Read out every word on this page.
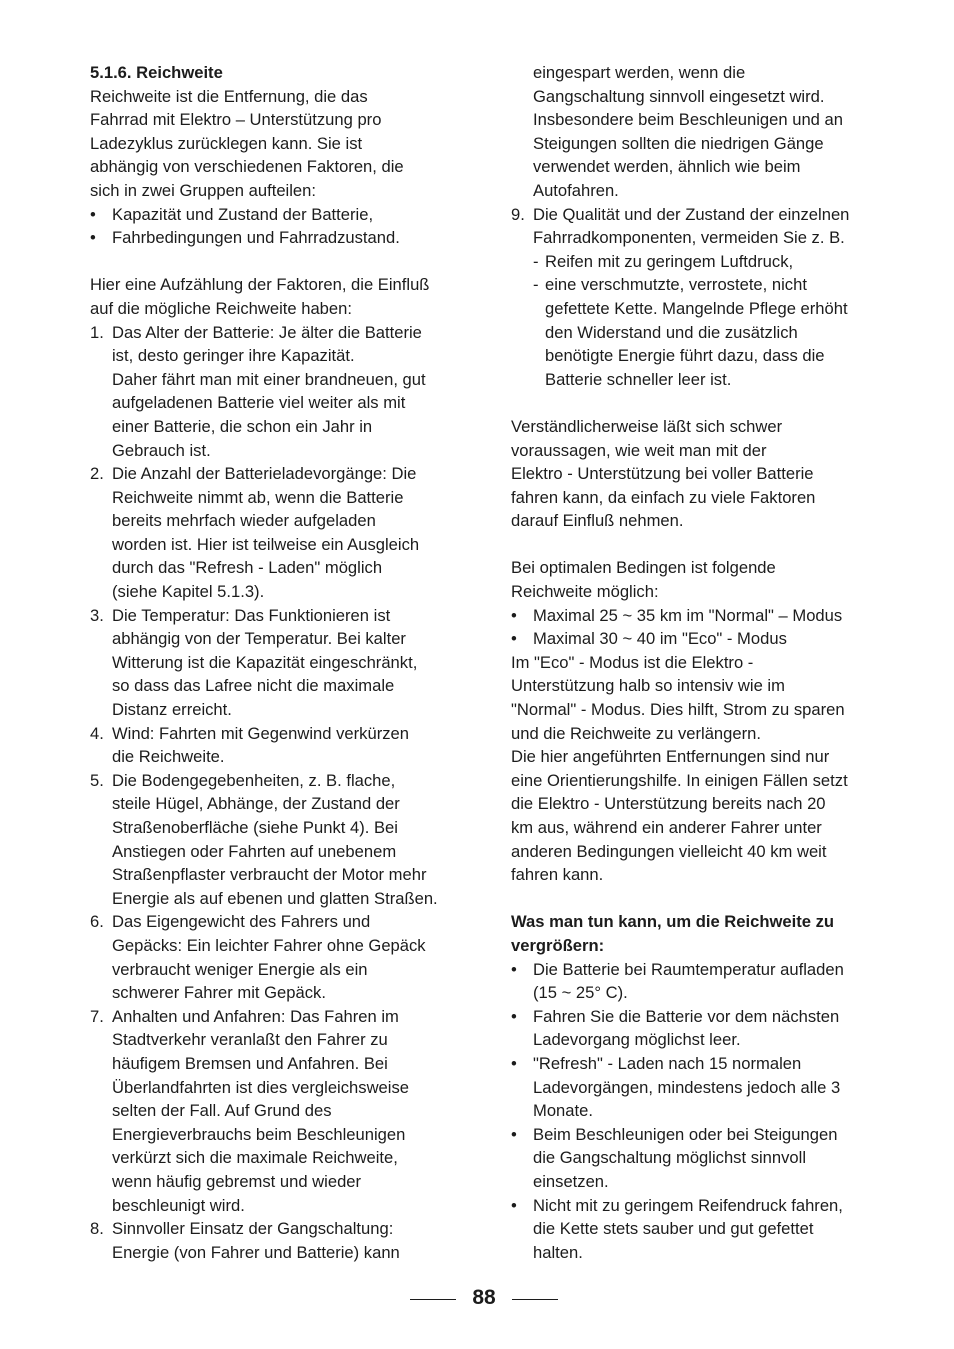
5.1.6. Reichweite

Reichweite ist die Entfernung, die das
Fahrrad mit Elektro – Unterstützung pro
Ladezyklus zurücklegen kann. Sie ist
abhängig von verschiedenen Faktoren, die
sich in zwei Gruppen aufteilen:
• Kapazität und Zustand der Batterie,
• Fahrbedingungen und Fahrradzustand.
Hier eine Aufzählung der Faktoren, die Einfluß
auf die mögliche Reichweite haben:
1. Das Alter der Batterie: Je älter die Batterie
ist, desto geringer ihre Kapazität.
Daher fährt man mit einer brandneuen, gut
aufgeladenen Batterie viel weiter als mit
einer Batterie, die schon ein Jahr in
Gebrauch ist.
2. Die Anzahl der Batterieladevorgänge: Die
Reichweite nimmt ab, wenn die Batterie
bereits mehrfach wieder aufgeladen
worden ist. Hier ist teilweise ein Ausgleich
durch das "Refresh - Laden" möglich
(siehe Kapitel 5.1.3).
3. Die Temperatur: Das Funktionieren ist
abhängig von der Temperatur. Bei kalter
Witterung ist die Kapazität eingeschränkt,
so dass das Lafree nicht die maximale
Distanz erreicht.
4. Wind: Fahrten mit Gegenwind verkürzen
die Reichweite.
5. Die Bodengegebenheiten, z. B. flache,
steile Hügel, Abhänge, der Zustand der
Straßenoberfläche (siehe Punkt 4). Bei
Anstiegen oder Fahrten auf unebenem
Straßenpflaster verbraucht der Motor mehr
Energie als auf ebenen und glatten Straßen.
6. Das Eigengewicht des Fahrers und
Gepäcks: Ein leichter Fahrer ohne Gepäck
verbraucht weniger Energie als ein
schwerer Fahrer mit Gepäck.
7. Anhalten und Anfahren: Das Fahren im
Stadtverkehr veranlaßt den Fahrer zu
häufigem Bremsen und Anfahren. Bei
Überlandfahrten ist dies vergleichsweise
selten der Fall. Auf Grund des
Energieverbrauchs beim Beschleunigen
verkürzt sich die maximale Reichweite,
wenn häufig gebremst und wieder
beschleunigt wird.
8. Sinnvoller Einsatz der Gangschaltung:
Energie (von Fahrer und Batterie) kann
eingespart werden, wenn die
Gangschaltung sinnvoll eingesetzt wird.
Insbesondere beim Beschleunigen und an
Steigungen sollten die niedrigen Gänge
verwendet werden, ähnlich wie beim
Autofahren.
9. Die Qualität und der Zustand der einzelnen
Fahrradkomponenten, vermeiden Sie z. B.
- Reifen mit zu geringem Luftdruck,
- eine verschmutzte, verrostete, nicht
gefettete Kette. Mangelnde Pflege erhöht
den Widerstand und die zusätzlich
benötigte Energie führt dazu, dass die
Batterie schneller leer ist.
Verständlicherweise läßt sich schwer
voraussagen, wie weit man mit der
Elektro - Unterstützung bei voller Batterie
fahren kann, da einfach zu viele Faktoren
darauf Einfluß nehmen.
Bei optimalen Bedingen ist folgende
Reichweite möglich:
• Maximal 25 ~ 35 km im "Normal" – Modus
• Maximal 30 ~ 40 im "Eco" - Modus
Im "Eco" - Modus ist die Elektro -
Unterstützung halb so intensiv wie im
"Normal" - Modus. Dies hilft, Strom zu sparen
und die Reichweite zu verlängern.
Die hier angeführten Entfernungen sind nur
eine Orientierungshilfe. In einigen Fällen setzt
die Elektro - Unterstützung bereits nach 20
km aus, während ein anderer Fahrer unter
anderen Bedingungen vielleicht 40 km weit
fahren kann.
Was man tun kann, um die Reichweite zu
vergrößern:
• Die Batterie bei Raumtemperatur aufladen
(15 ~ 25° C).
• Fahren Sie die Batterie vor dem nächsten
Ladevorgang möglichst leer.
• "Refresh" - Laden nach 15 normalen
Ladevorgängen, mindestens jedoch alle 3
Monate.
• Beim Beschleunigen oder bei Steigungen
die Gangschaltung möglichst sinnvoll
einsetzen.
• Nicht mit zu geringem Reifendruck fahren,
die Kette stets sauber und gut gefettet
halten.
88
